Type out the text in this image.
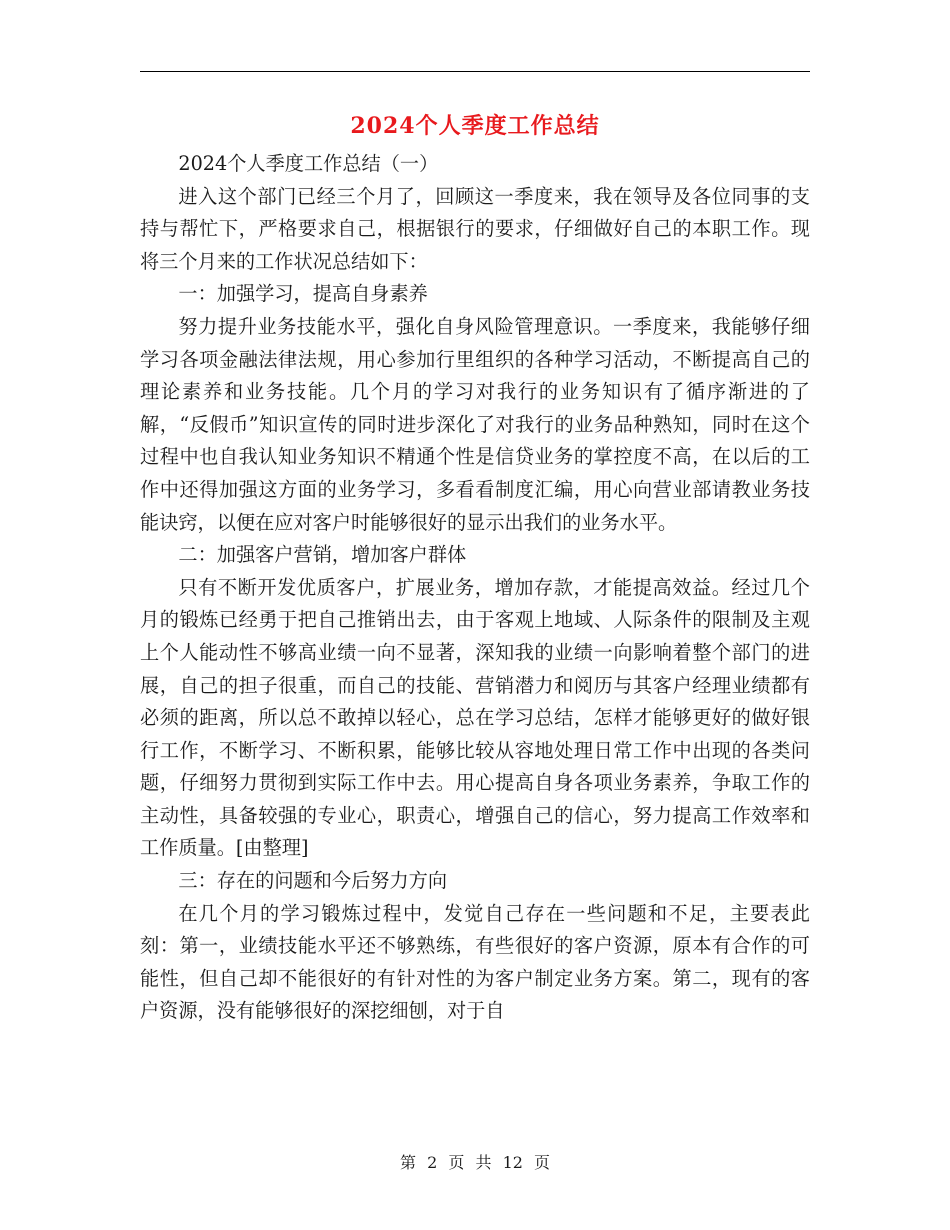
2024个人季度工作总结

2024个人季度工作总结（一）

进入这个部门已经三个月了，回顾这一季度来，我在领导及各位同事的支持与帮忙下，严格要求自己，根据银行的要求，仔细做好自己的本职工作。现将三个月来的工作状况总结如下：

一：加强学习，提高自身素养

努力提升业务技能水平，强化自身风险管理意识。一季度来，我能够仔细学习各项金融法律法规，用心参加行里组织的各种学习活动，不断提高自己的理论素养和业务技能。几个月的学习对我行的业务知识有了循序渐进的了解，“反假币”知识宣传的同时进步深化了对我行的业务品种熟知，同时在这个过程中也自我认知业务知识不精通个性是信贷业务的掌控度不高，在以后的工作中还得加强这方面的业务学习，多看看制度汇编，用心向营业部请教业务技能诀窍，以便在应对客户时能够很好的显示出我们的业务水平。

二：加强客户营销，增加客户群体

只有不断开发优质客户，扩展业务，增加存款，才能提高效益。经过几个月的锻炼已经勇于把自己推销出去，由于客观上地域、人际条件的限制及主观上个人能动性不够高业绩一向不显著，深知我的业绩一向影响着整个部门的进展，自己的担子很重，而自己的技能、营销潜力和阅历与其客户经理业绩都有必须的距离，所以总不敢掉以轻心，总在学习总结，怎样才能够更好的做好银行工作，不断学习、不断积累，能够比较从容地处理日常工作中出现的各类问题，仔细努力贯彻到实际工作中去。用心提高自身各项业务素养，争取工作的主动性，具备较强的专业心，职责心，增强自己的信心，努力提高工作效率和工作质量。[由整理]

三：存在的问题和今后努力方向

在几个月的学习锻炼过程中，发觉自己存在一些问题和不足，主要表此刻：第一，业绩技能水平还不够熟练，有些很好的客户资源，原本有合作的可能性，但自己却不能很好的有针对性的为客户制定业务方案。第二，现有的客户资源，没有能够很好的深挖细刨，对于自

第 2 页 共 12 页
